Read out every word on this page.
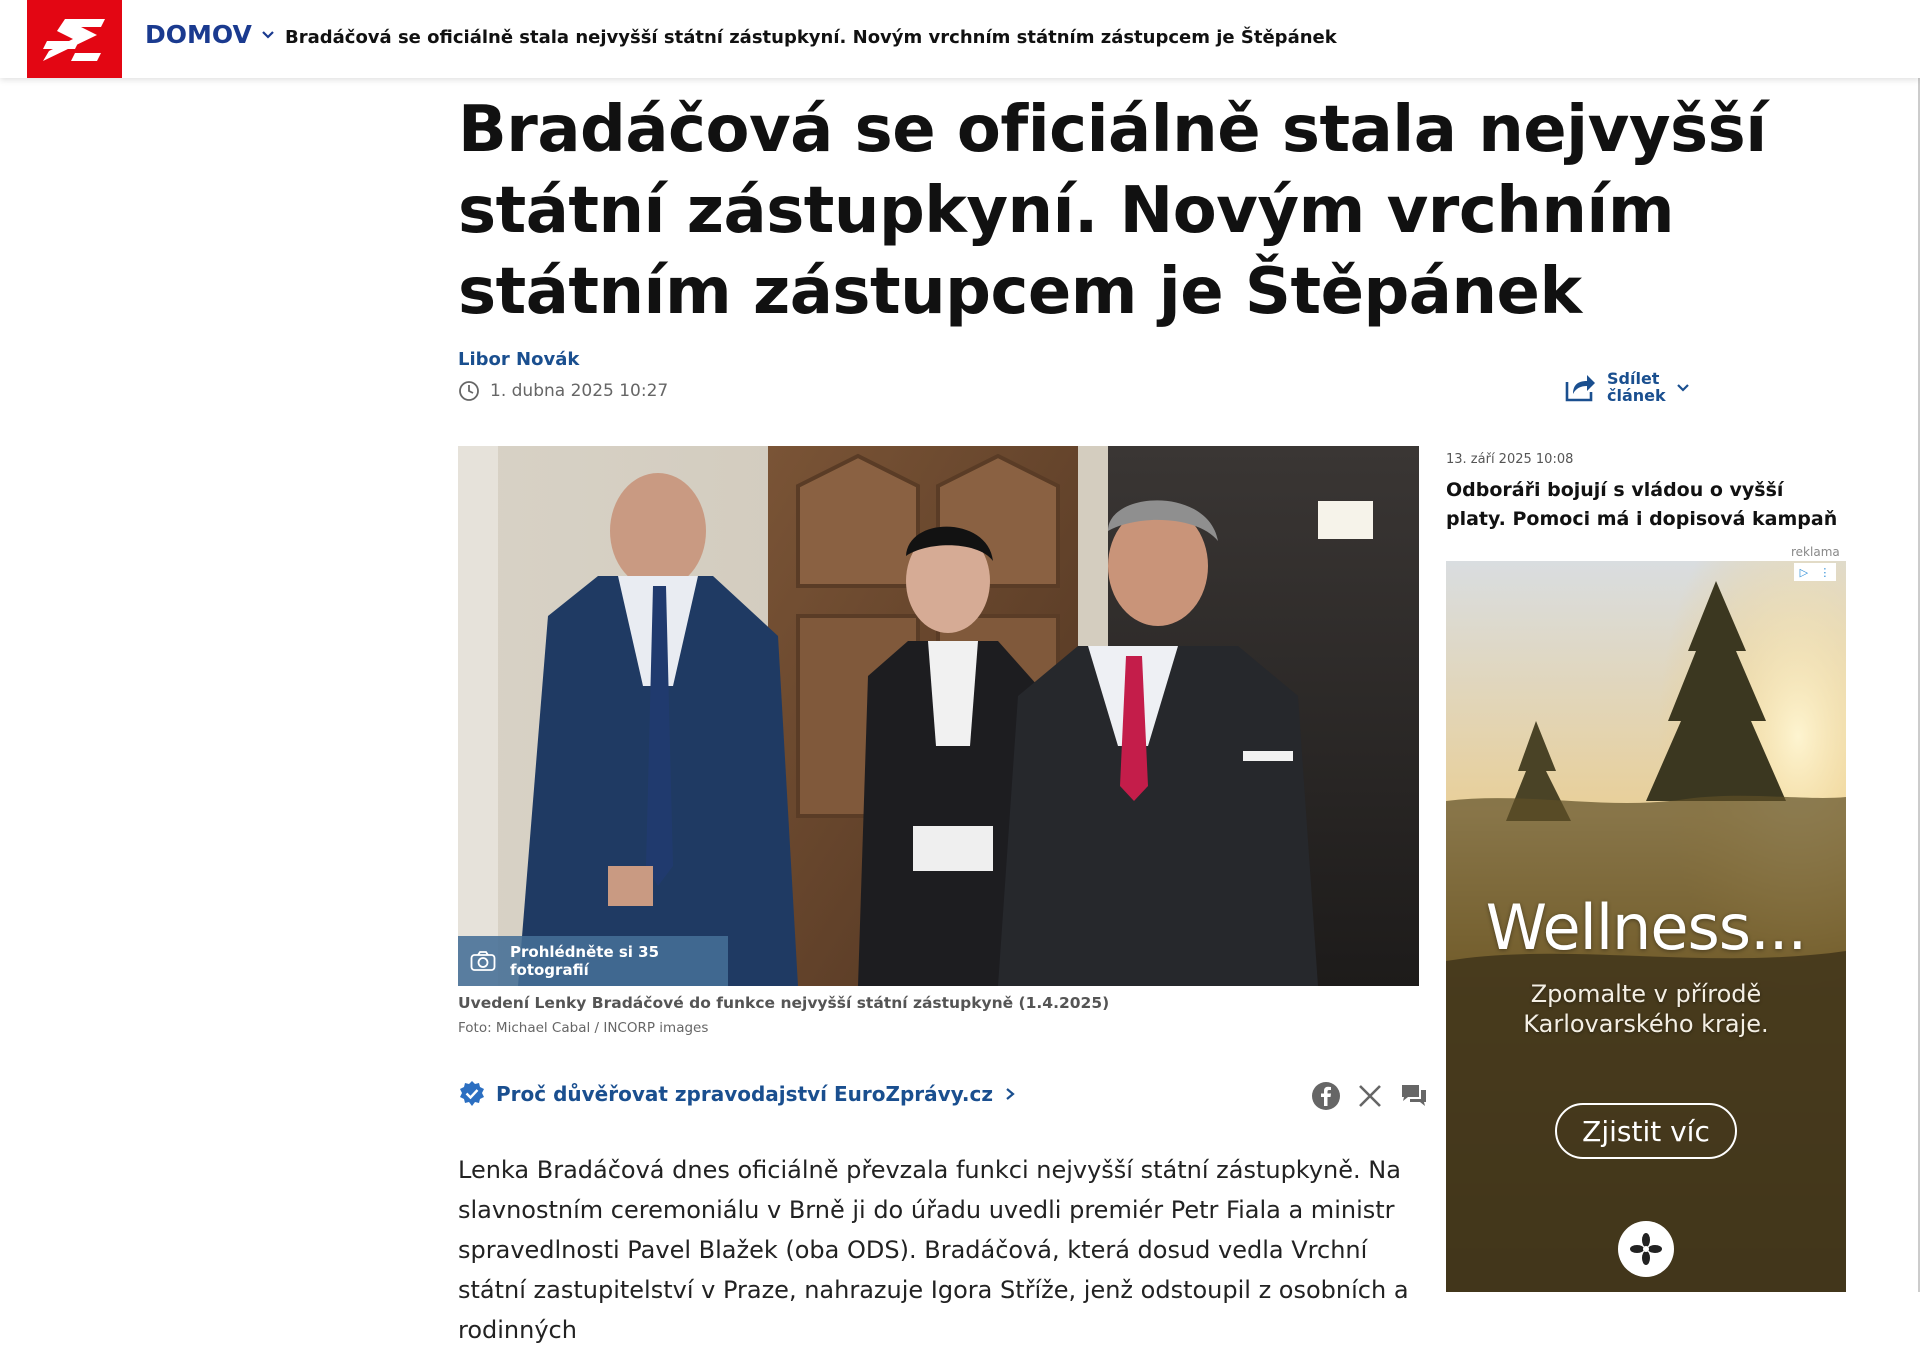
DOMOV Bradáčová se oficiálně stala nejvyšší státní zástupkyní. Novým vrchním státním zástupcem je Štěpánek
Bradáčová se oficiálně stala nejvyšší státní zástupkyní. Novým vrchním státním zástupcem je Štěpánek
Libor Novák
1. dubna 2025 10:27
Sdílet článek
Prohlédněte si 35 fotografií
Uvedení Lenky Bradáčové do funkce nejvyšší státní zástupkyně (1.4.2025)
Foto: Michael Cabal / INCORP images
Proč důvěřovat zpravodajství EuroZprávy.cz

Lenka Bradáčová dnes oficiálně převzala funkci nejvyšší státní zástupkyně. Na slavnostním ceremoniálu v Brně ji do úřadu uvedli premiér Petr Fiala a ministr spravedlnosti Pavel Blažek (oba ODS). Bradáčová, která dosud vedla Vrchní státní zastupitelství v Praze, nahrazuje Igora Stříže, jenž odstoupil z osobních a rodinných

13. září 2025 10:08
Odboráři bojují s vládou o vyšší platy. Pomoci má i dopisová kampaň
reklama
▷ ⋮
Wellness...
Zpomalte v přírodě
Karlovarského kraje.
Zjistit víc
